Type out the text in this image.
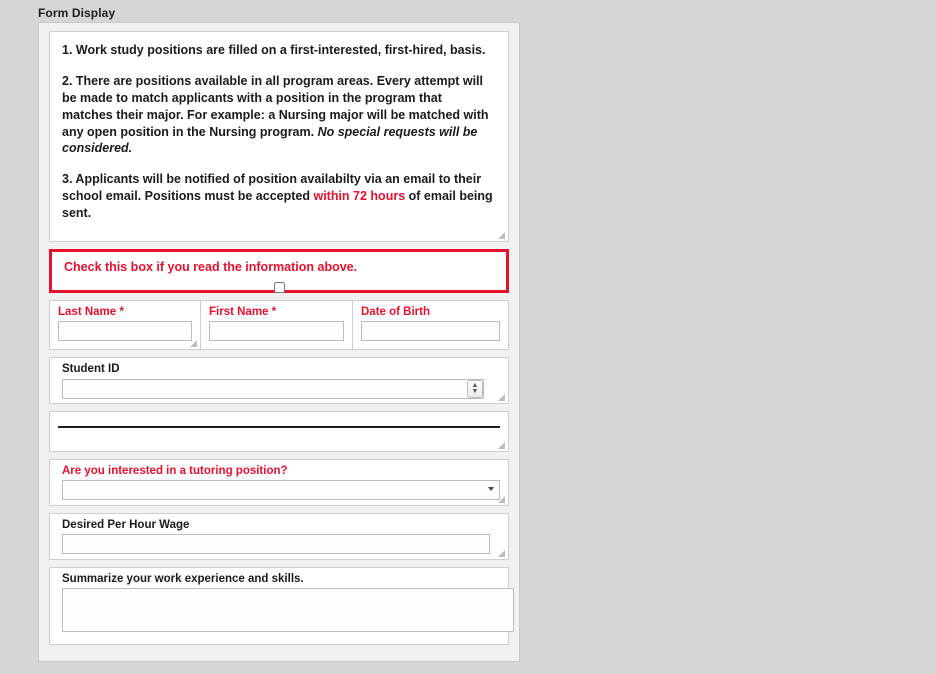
Form Display

1. Work study positions are filled on a first-interested, first-hired, basis.

2. There are positions available in all program areas. Every attempt will be made to match applicants with a position in the program that matches their major. For example: a Nursing major will be matched with any open position in the Nursing program. No special requests will be considered.

3. Applicants will be notified of position availabilty via an email to their school email. Positions must be accepted within 72 hours of email being sent.

Check this box if you read the information above.
Last Name *	First Name *	Date of Birth
Student ID
▲
▼
Are you interested in a tutoring position?
Desired Per Hour Wage
Summarize your work experience and skills.
